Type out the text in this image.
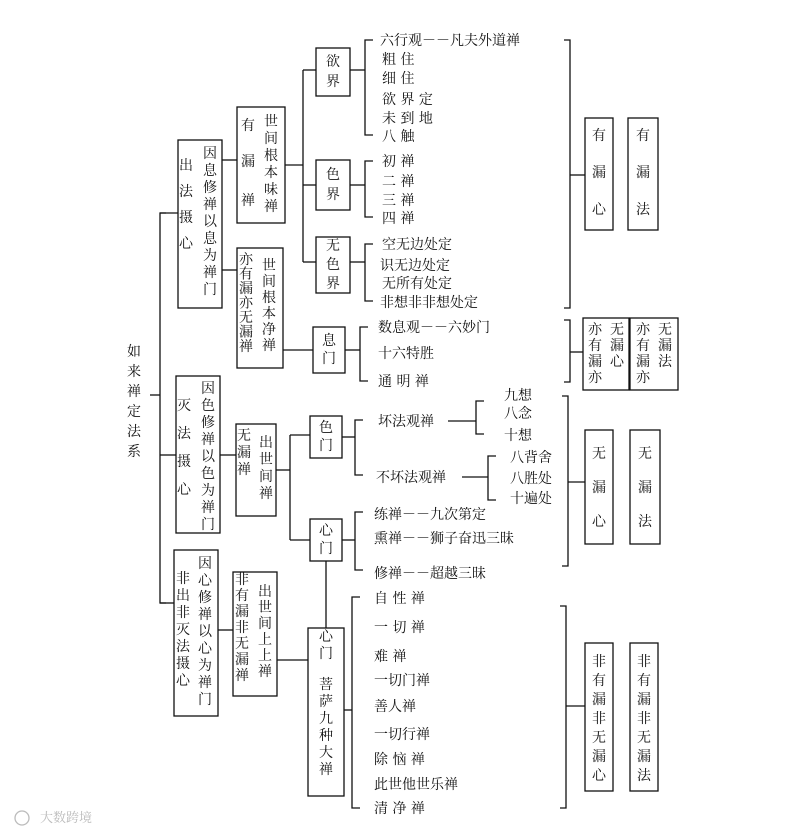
如来禅定法系
出法摄心
因息修禅以息为禅门
灭法摄心
因色修禅以色为禅门
非出非灭法摄心
因心修禅以心为禅门
有漏禅
世间根本味禅
亦有漏亦无漏禅
世间根本净禅
无漏禅
出世间禅
非有漏非无漏禅
出世间上上禅
欲界
色界
无色界
息门
色门
心门
心门菩萨九种大禅
六行观－－凡夫外道禅
粗 住
细 住
欲 界 定
未 到 地
八 触
初 禅
二 禅
三 禅
四 禅
空无边处定
识无边处定
无所有处定
非想非非想处定
数息观－－六妙门
十六特胜
通 明 禅
坏法观禅
不坏法观禅
练禅－－九次第定
熏禅－－狮子奋迅三昧
修禅－－超越三昧
自 性 禅
一 切 禅
难 禅
一切门禅
善人禅
一切行禅
除 恼 禅
此世他世乐禅
清 净 禅
九想
八念
十想
八背舍
八胜处
十遍处
有漏心
有漏法
亦有漏亦无漏心
亦有漏亦无漏法
无漏心
无漏法
非有漏非无漏心
非有漏非无漏法
大数跨境
